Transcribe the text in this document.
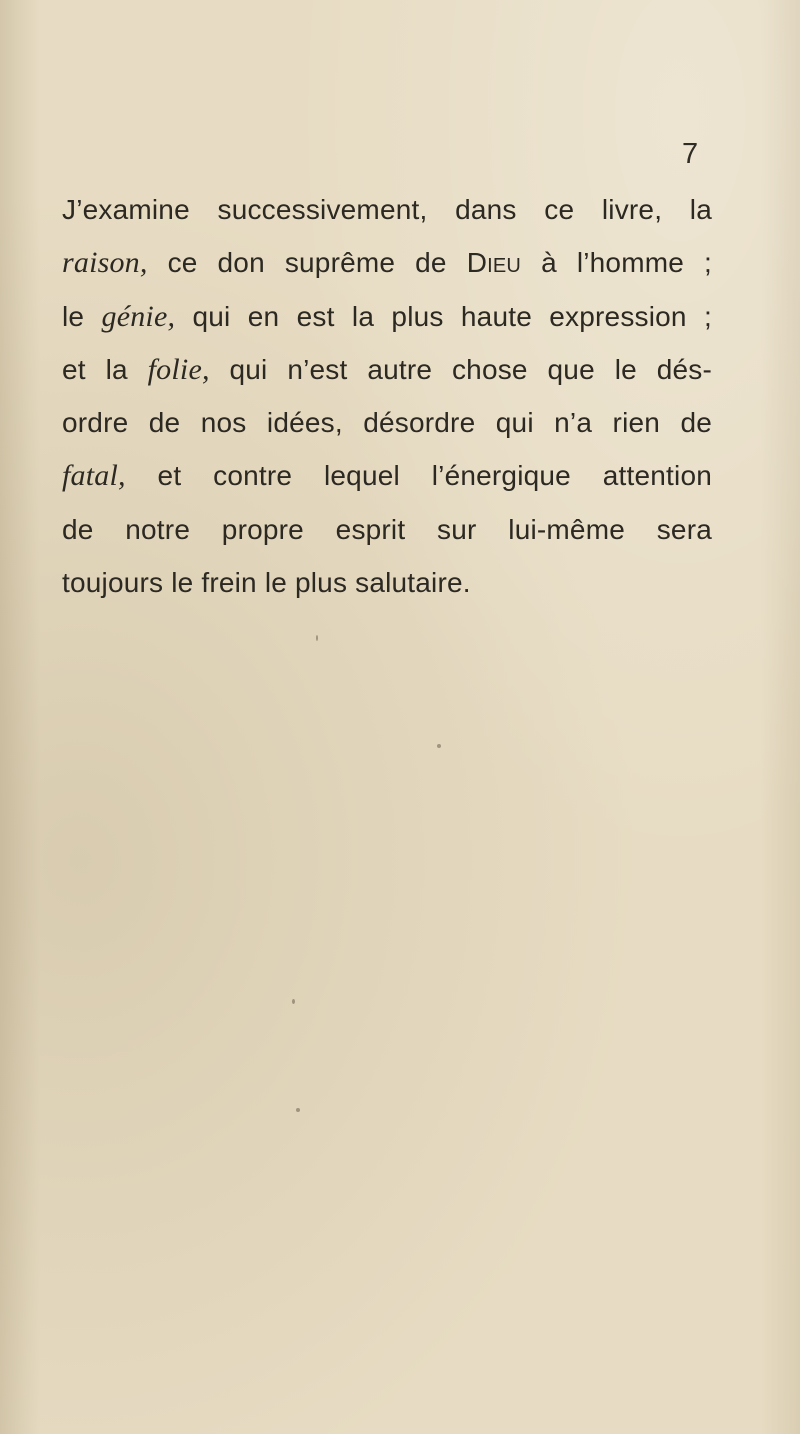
7

J’examine successivement, dans ce livre, la
raison, ce don suprême de Dieu à l’homme ;
le génie, qui en est la plus haute expression ;
et la folie, qui n’est autre chose que le dés-
ordre de nos idées, désordre qui n’a rien de
fatal, et contre lequel l’énergique attention
de notre propre esprit sur lui-même sera
toujours le frein le plus salutaire.
